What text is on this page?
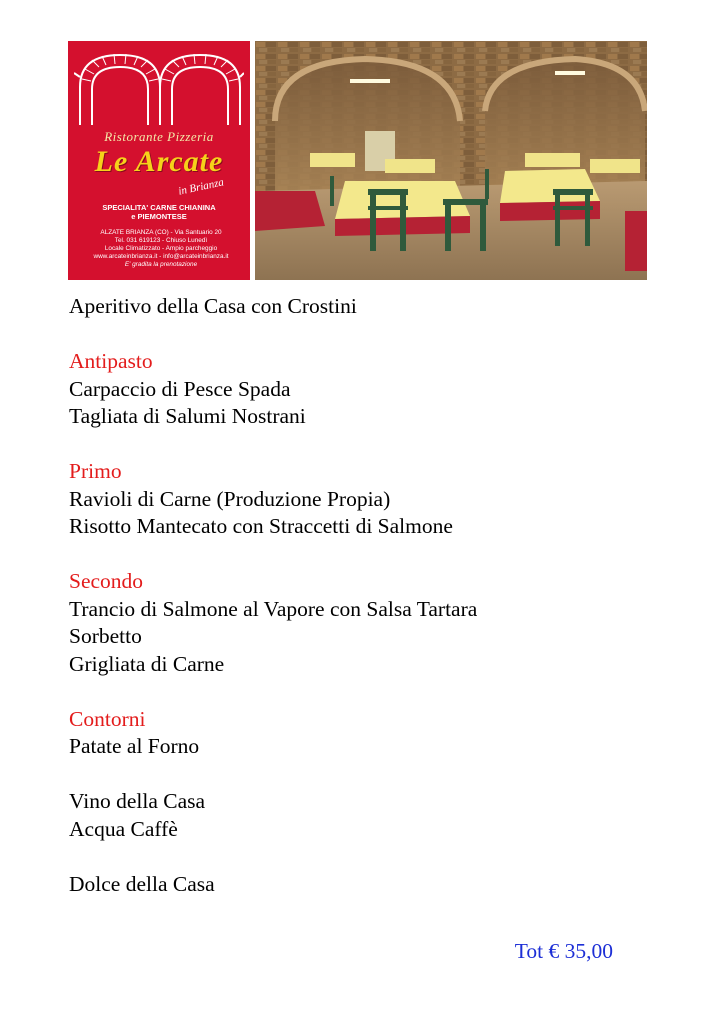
Ristorante Pizzeria
Le Arcate
in Brianza
SPECIALITA' CARNE CHIANINA
e PIEMONTESE
ALZATE BRIANZA (CO) - Via Santuario 20
Tel. 031 619123 - Chiuso Lunedì
Locale Climatizzato - Ampio parcheggio
www.arcateinbrianza.it - info@arcateinbrianza.it
E' gradita la prenotazione
Aperitivo della Casa con Crostini
Antipasto
Carpaccio di Pesce Spada
Tagliata di Salumi Nostrani
Primo
Ravioli di Carne (Produzione Propia)
Risotto Mantecato con Straccetti di Salmone
Secondo
Trancio di Salmone al Vapore con Salsa Tartara
Sorbetto
Grigliata di Carne
Contorni
Patate al Forno
Vino della Casa
Acqua Caffè
Dolce della Casa
Tot € 35,00
